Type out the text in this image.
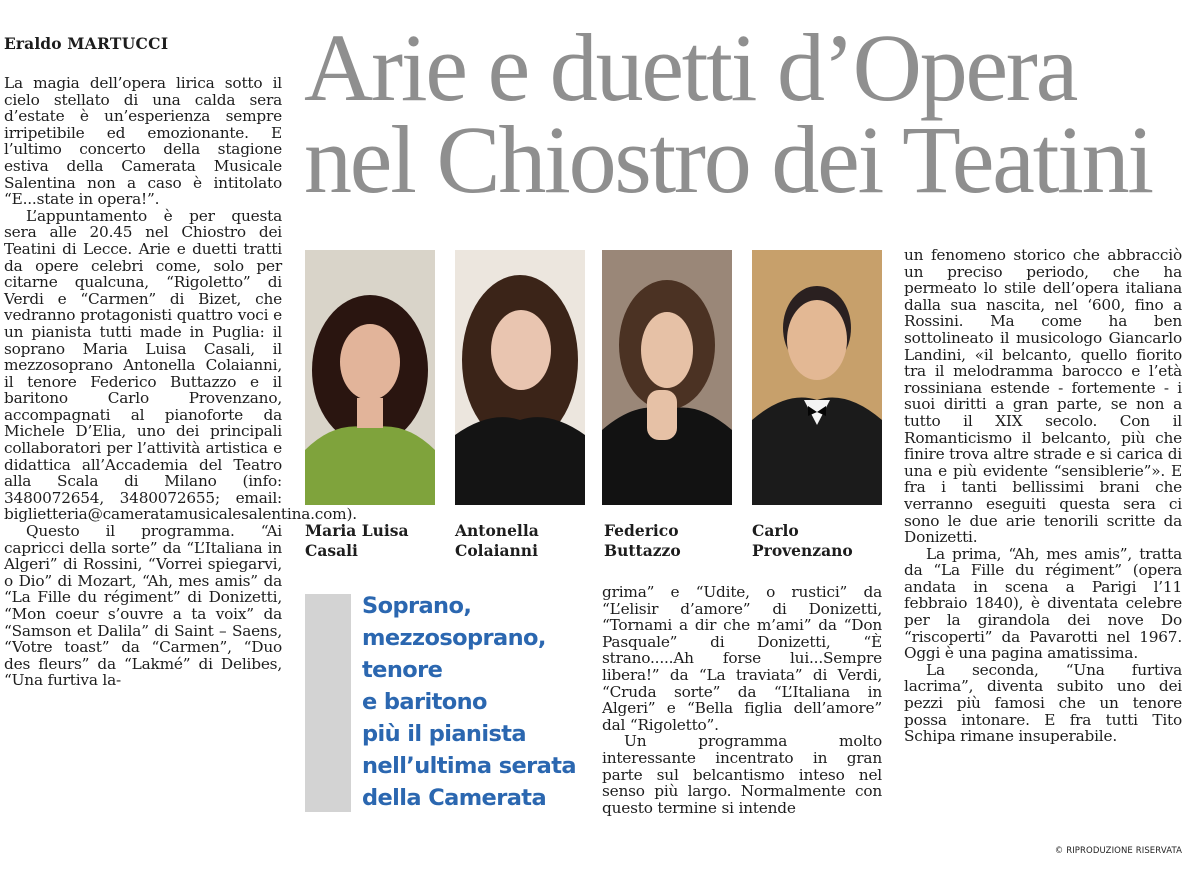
Eraldo MARTUCCI Arie e duetti d’Opera
nel Chiostro dei Teatini

La magia dell’opera lirica sotto il cielo stellato di una calda sera d’estate è un’esperienza sempre irripetibile ed emozionante. E l’ultimo concerto della stagione estiva della Camerata Musicale Salentina non a caso è intitolato “E...state in opera!”.

L’appuntamento è per questa sera alle 20.45 nel Chiostro dei Teatini di Lecce. Arie e duetti tratti da opere celebri come, solo per citarne qualcuna, “Rigoletto” di Verdi e “Carmen” di Bizet, che vedranno protagonisti quattro voci e un pianista tutti made in Puglia: il soprano Maria Luisa Casali, il mezzosoprano Antonella Colaianni, il tenore Federico Buttazzo e il baritono Carlo Provenzano, accompagnati al pianoforte da Michele D’Elia, uno dei principali collaboratori per l’attività artistica e didattica all’Accademia del Teatro alla Scala di Milano (info: 3480072654, 3480072655; email: biglietteria@cameratamusicalesalentina.com).

Questo il programma. “Ai capricci della sorte” da “L’Italiana in Algeri” di Rossini, “Vorrei spiegarvi, o Dio” di Mozart, “Ah, mes amis” da “La Fille du régiment” di Donizetti, “Mon coeur s’ouvre a ta voix” da “Samson et Dalila” di Saint – Saens, “Votre toast” da “Carmen”, “Duo des fleurs” da “Lakmé” di Delibes, “Una furtiva la-

Maria Luisa
Casali
Antonella
Colaianni
Federico
Buttazzo
Carlo
Provenzano
Soprano,
mezzosoprano,
tenore
e baritono
più il pianista
nell’ultima serata
della Camerata

grima” e “Udite, o rustici” da “L’elisir d’amore” di Donizetti, “Tornami a dir che m’ami” da “Don Pasquale” di Donizetti, “È strano.....Ah forse lui...Sempre libera!” da “La traviata” di Verdi, “Cruda sorte” da “L’Italiana in Algeri” e “Bella figlia dell’amore” dal “Rigoletto”.

Un programma molto interessante incentrato in gran parte sul belcantismo inteso nel senso più largo. Normalmente con questo termine si intende

un fenomeno storico che abbracciò un preciso periodo, che ha permeato lo stile dell’opera italiana dalla sua nascita, nel ‘600, fino a Rossini. Ma come ha ben sottolineato il musicologo Giancarlo Landini, «il belcanto, quello fiorito tra il melodramma barocco e l’età rossiniana estende - fortemente - i suoi diritti a gran parte, se non a tutto il XIX secolo. Con il Romanticismo il belcanto, più che finire trova altre strade e si carica di una e più evidente “sensiblerie”». E fra i tanti bellissimi brani che verranno eseguiti questa sera ci sono le due arie tenorili scritte da Donizetti.

La prima, “Ah, mes amis”, tratta da “La Fille du régiment” (opera andata in scena a Parigi l’11 febbraio 1840), è diventata celebre per la girandola dei nove Do “riscoperti” da Pavarotti nel 1967. Oggi è una pagina amatissima.

La seconda, “Una furtiva lacrima”, diventa subito uno dei pezzi più famosi che un tenore possa intonare. E fra tutti Tito Schipa rimane insuperabile.

© RIPRODUZIONE RISERVATA
